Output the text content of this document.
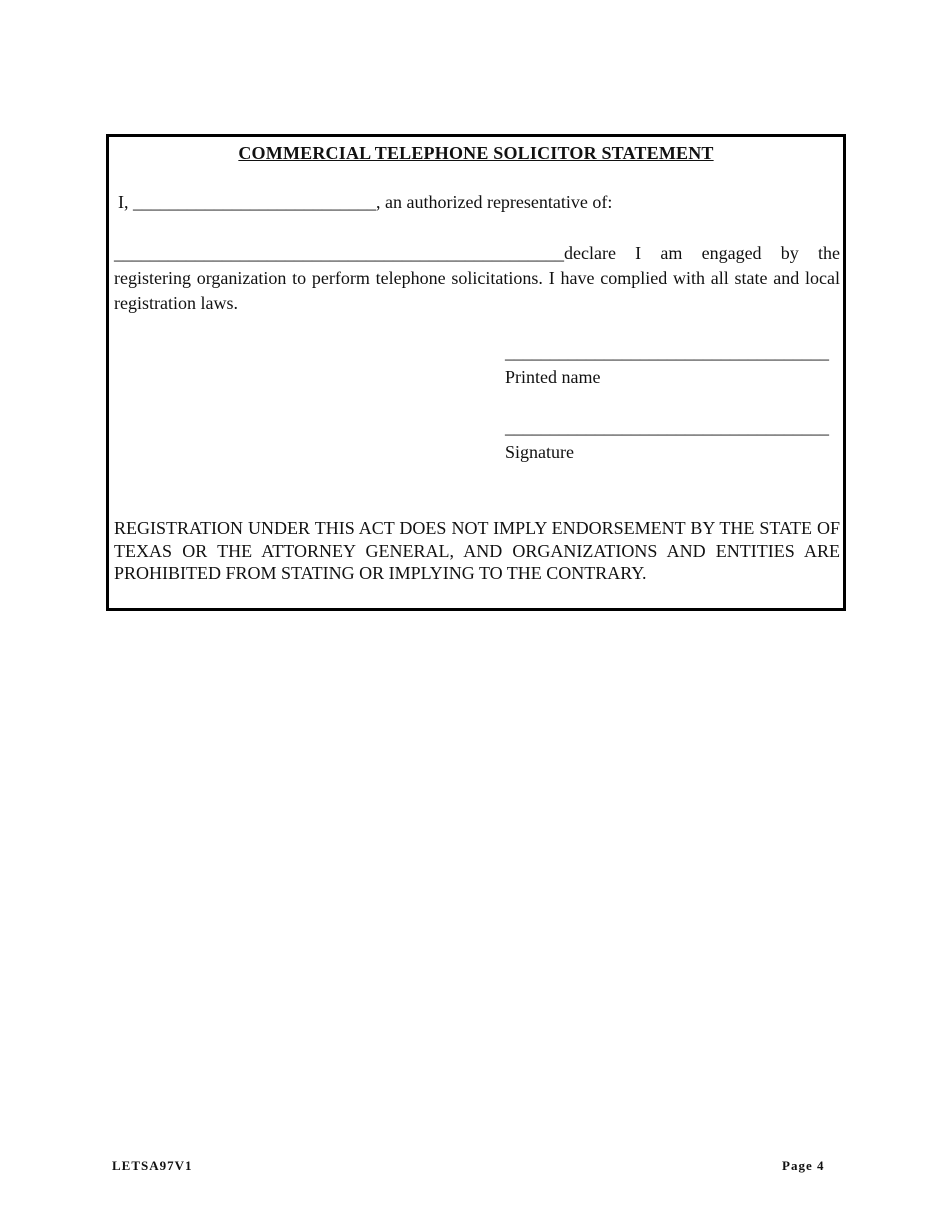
COMMERCIAL TELEPHONE SOLICITOR STATEMENT
I, ___________________________, an authorized representative of:
__________________________________________________declare I am engaged by the registering organization to perform telephone solicitations. I have complied with all state and local registration laws.
____________________________________
Printed name
____________________________________
Signature
REGISTRATION UNDER THIS ACT DOES NOT IMPLY ENDORSEMENT BY THE STATE OF TEXAS OR THE ATTORNEY GENERAL, AND ORGANIZATIONS AND ENTITIES ARE PROHIBITED FROM STATING OR IMPLYING TO THE CONTRARY.
LETSA97V1	Page 4
